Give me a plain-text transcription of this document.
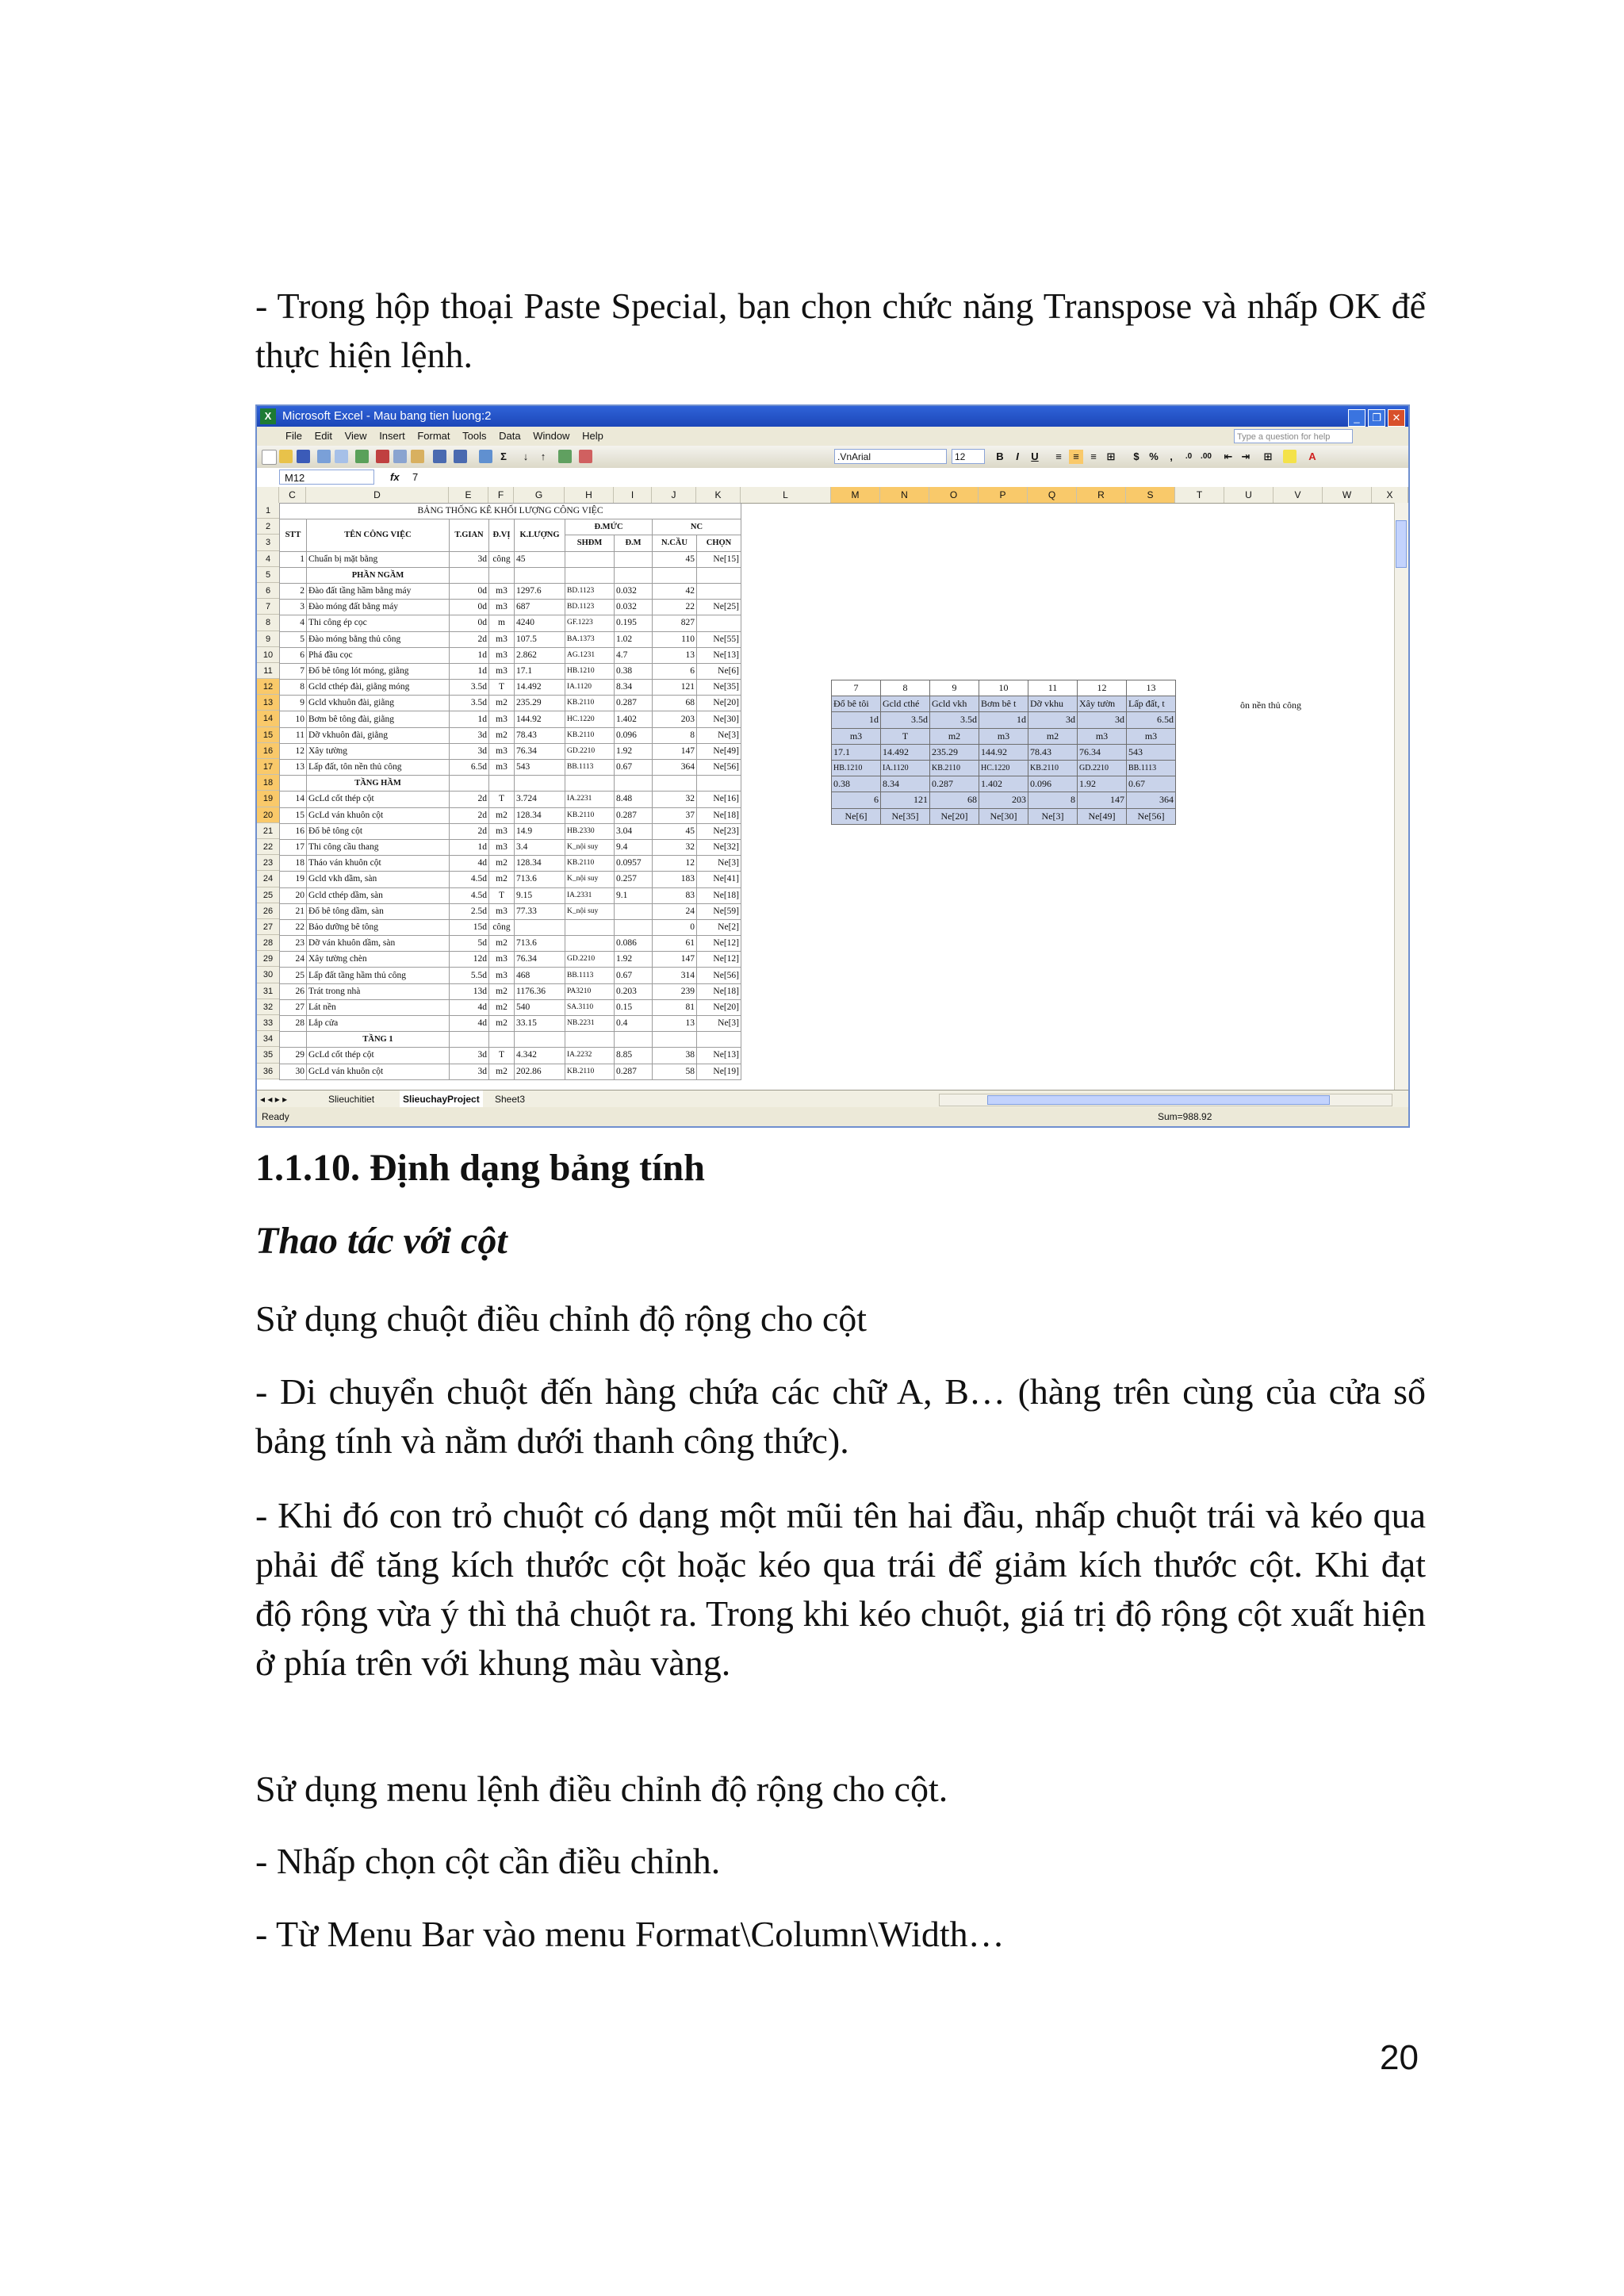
- Trong hộp thoại Paste Special, bạn chọn chức năng Transpose và nhấp OK để thực hiện lệnh.

X Microsoft Excel - Mau bang tien luong:2	_ ❐ ✕
File Edit View Insert Format Tools Data Window Help	Type a question for help
Σ	↓	↑	.VnArial	12	B	I	U	≡	≡	≡ ⊞	$ %	,	.0	.00 ⇤ ⇥ ⊞	A
M12	fx 7
C	D	E	F	G	H	I	J	K	L	M	N	O	P	Q	R	S	T	U	V	W	X
1
2
3
4
5
6
7
8
9
10
11
12
13
14
15
16
17
18
19
20
21
22
23
24
25
26
27
28
29
30
31
32
33
34
35
36
BẢNG THỐNG KÊ KHỐI LƯỢNG CÔNG VIỆC								
STT	TÊN CÔNG VIỆC	T.GIAN	Đ.VỊ	K.LƯỢNG	Đ.MỨC		NC	
					SHĐM	Đ.M	N.CẦU	CHỌN
1	Chuẩn bị mặt bằng	3d	công	45			45	Ne[15]
	PHẦN NGẦM							
2	Đào đất tầng hầm bằng máy	0d	m3	1297.6	BD.1123	0.032	42	
3	Đào móng đất bằng máy	0d	m3	687	BD.1123	0.032	22	Ne[25]
4	Thi công ép cọc	0d	m	4240	GF.1223	0.195	827	
5	Đào móng bằng thủ công	2d	m3	107.5	BA.1373	1.02	110	Ne[55]
6	Phá đầu cọc	1d	m3	2.862	AG.1231	4.7	13	Ne[13]
7	Đổ bê tông lót móng, giằng	1d	m3	17.1	HB.1210	0.38	6	Ne[6]
8	Gcld cthép đài, giằng móng	3.5d	T	14.492	IA.1120	8.34	121	Ne[35]
9	Gcld vkhuôn đài, giằng	3.5d	m2	235.29	KB.2110	0.287	68	Ne[20]
10	Bơm bê tông đài, giằng	1d	m3	144.92	HC.1220	1.402	203	Ne[30]
11	Dỡ vkhuôn đài, giằng	3d	m2	78.43	KB.2110	0.096	8	Ne[3]
12	Xây tường	3d	m3	76.34	GD.2210	1.92	147	Ne[49]
13	Lấp đất, tôn nền thủ công	6.5d	m3	543	BB.1113	0.67	364	Ne[56]
	TẦNG HẦM							
14	GcLd cốt thép cột	2d	T	3.724	IA.2231	8.48	32	Ne[16]
15	GcLd ván khuôn cột	2d	m2	128.34	KB.2110	0.287	37	Ne[18]
16	Đổ bê tông cột	2d	m3	14.9	HB.2330	3.04	45	Ne[23]
17	Thi công cầu thang	1d	m3	3.4	K_nội suy	9.4	32	Ne[32]
18	Tháo ván khuôn cột	4d	m2	128.34	KB.2110	0.0957	12	Ne[3]
19	Gcld vkh dầm, sàn	4.5d	m2	713.6	K_nội suy	0.257	183	Ne[41]
20	Gcld cthép dầm, sàn	4.5d	T	9.15	IA.2331	9.1	83	Ne[18]
21	Đổ bê tông dầm, sàn	2.5d	m3	77.33	K_nội suy		24	Ne[59]
22	Bảo dưỡng bê tông	15d	công				0	Ne[2]
23	Dỡ ván khuôn dầm, sàn	5d	m2	713.6		0.086	61	Ne[12]
24	Xây tường chèn	12d	m3	76.34	GD.2210	1.92	147	Ne[12]
25	Lấp đất tầng hầm thủ công	5.5d	m3	468	BB.1113	0.67	314	Ne[56]
26	Trát trong nhà	13d	m2	1176.36	PA3210	0.203	239	Ne[18]
27	Lát nền	4d	m2	540	SA.3110	0.15	81	Ne[20]
28	Lắp cửa	4d	m2	33.15	NB.2231	0.4	13	Ne[3]
	TẦNG 1							
29	GcLd cốt thép cột	3d	T	4.342	IA.2232	8.85	38	Ne[13]
30	GcLd ván khuôn cột	3d	m2	202.86	KB.2110	0.287	58	Ne[19]
7	8	9	10	11	12	13
Đổ bê tôi	Gcld cthé	Gcld vkh	Bơm bê t	Dỡ vkhu	Xây tườn	Lấp đất, t
1d	3.5d	3.5d	1d	3d	3d	6.5d
m3	T	m2	m3	m2	m3	m3
17.1	14.492	235.29	144.92	78.43	76.34	543
HB.1210	IA.1120	KB.2110	HC.1220	KB.2110	GD.2210	BB.1113
0.38	8.34	0.287	1.402	0.096	1.92	0.67
6	121	68	203	8	147	364
Ne[6]	Ne[35]	Ne[20]	Ne[30]	Ne[3]	Ne[49]	Ne[56]
ôn nền thủ công
◂ ◂ ▸ ▸	Slieuchitiet	SlieuchayProject	Sheet3
Ready	Sum=988.92
1.1.10. Định dạng bảng tính
Thao tác với cột

Sử dụng chuột điều chỉnh độ rộng cho cột

- Di chuyển chuột đến hàng chứa các chữ A, B… (hàng trên cùng của cửa sổ bảng tính và nằm dưới thanh công thức).

- Khi đó con trỏ chuột có dạng một mũi tên hai đầu, nhấp chuột trái và kéo qua phải để tăng kích thước cột hoặc kéo qua trái để giảm kích thước cột. Khi đạt độ rộng vừa ý thì thả chuột ra. Trong khi kéo chuột, giá trị độ rộng cột xuất hiện ở phía trên với khung màu vàng.

Sử dụng menu lệnh điều chỉnh độ rộng cho cột.

- Nhấp chọn cột cần điều chỉnh.

- Từ Menu Bar vào menu Format\Column\Width…

20
